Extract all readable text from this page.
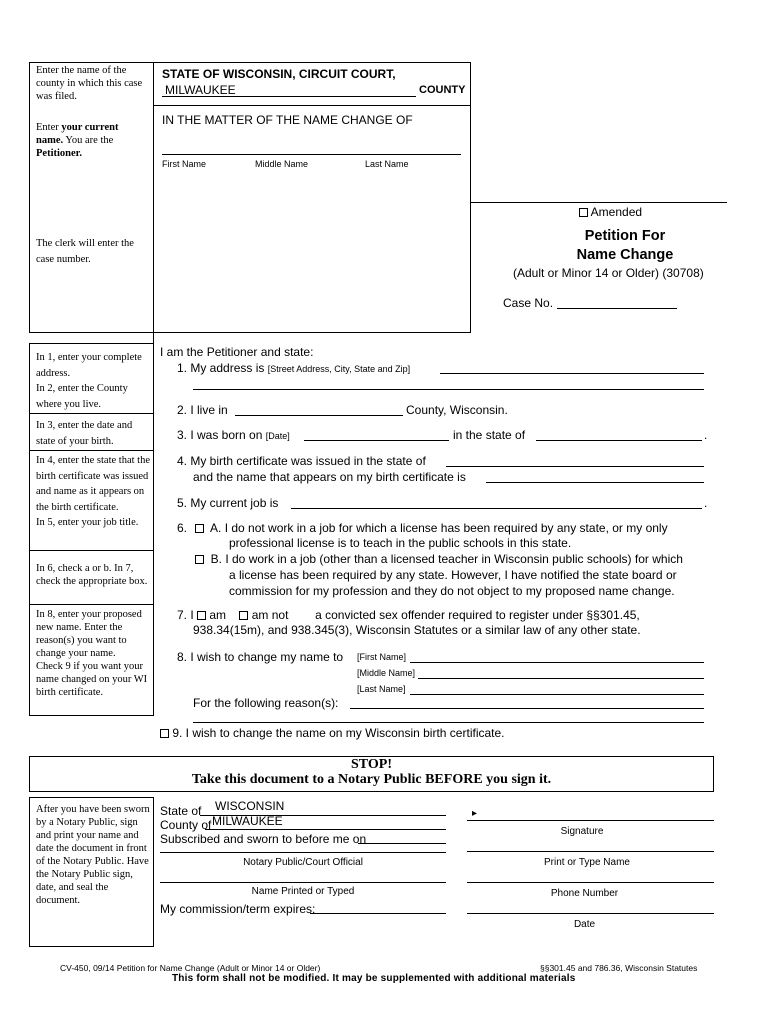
Enter the name of the county in which this case was filed.
Enter your current name. You are the Petitioner.
The clerk will enter the case number.
STATE OF WISCONSIN, CIRCUIT COURT,
MILWAUKEE	COUNTY
IN THE MATTER OF THE NAME CHANGE OF
First Name	Middle Name	Last Name
Amended
Petition For
Name Change
(Adult or Minor 14 or Older) (30708)
Case No.
In 1, enter your complete address.
In 2, enter the County where you live.
In 3, enter the date and state of your birth.
In 4, enter the state that the birth certificate was issued and name as it appears on the birth certificate.
In 5, enter your job title.
In 6, check a or b. In 7, check the appropriate box.
In 8, enter your proposed new name. Enter the reason(s) you want to change your name.
Check 9 if you want your name changed on your WI birth certificate.
I am the Petitioner and state:
1. My address is [Street Address, City, State and Zip]
2. I live in	County, Wisconsin.
3. I was born on [Date]	in the state of	.
4. My birth certificate was issued in the state of
and the name that appears on my birth certificate is
5. My current job is	.
6.	A. I do not work in a job for which a license has been required by any state, or my only
professional license is to teach in the public schools in this state.
B. I do work in a job (other than a licensed teacher in Wisconsin public schools) for which
a license has been required by any state. However, I have notified the state board or
commission for my profession and they do not object to my proposed name change.
7. I am am not a convicted sex offender required to register under §§301.45,
938.34(15m), and 938.345(3), Wisconsin Statutes or a similar law of any other state.
8. I wish to change my name to [First Name]
[Middle Name]
[Last Name]
For the following reason(s):
9. I wish to change the name on my Wisconsin birth certificate.
STOP!
Take this document to a Notary Public BEFORE you sign it.
After you have been sworn by a Notary Public, sign and print your name and date the document in front of the Notary Public. Have the Notary Public sign, date, and seal the document.
State of WISCONSIN
County of MILWAUKEE
Subscribed and sworn to before me on
Notary Public/Court Official
Name Printed or Typed
My commission/term expires:
▸
Signature
Print or Type Name
Phone Number
Date
CV-450, 09/14 Petition for Name Change (Adult or Minor 14 or Older)	§§301.45 and 786.36, Wisconsin Statutes
This form shall not be modified. It may be supplemented with additional materials
